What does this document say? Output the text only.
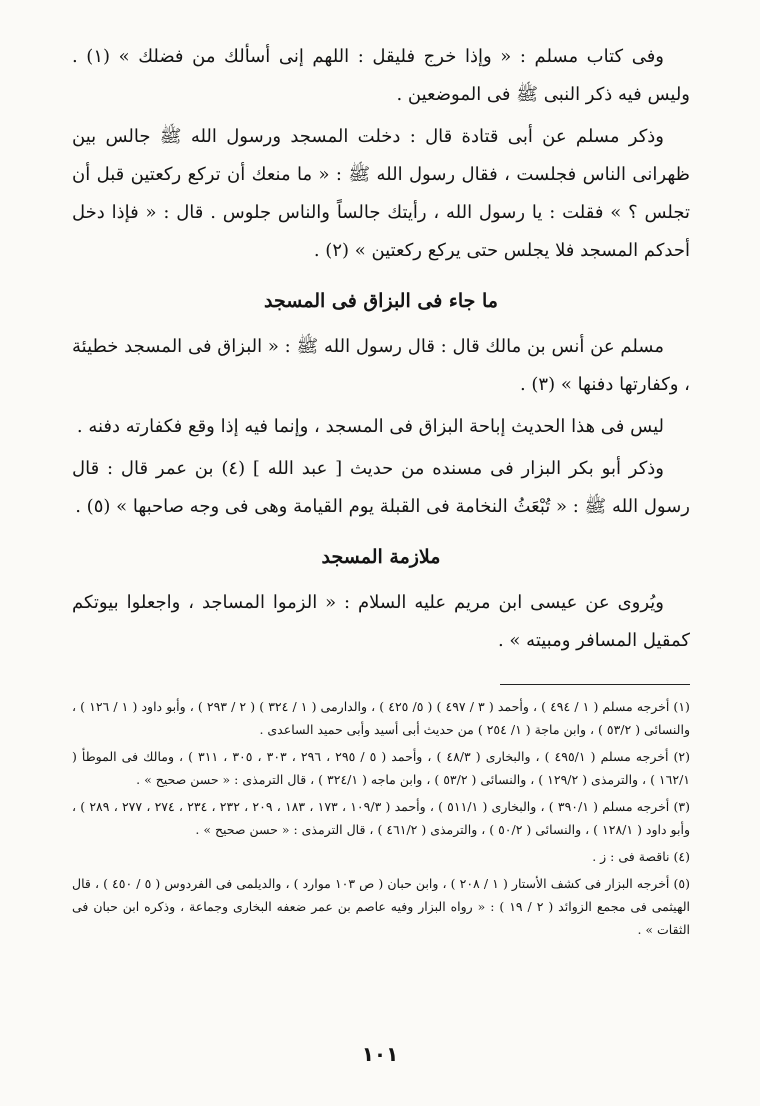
وفى كتاب مسلم : « وإذا خرج فليقل : اللهم إنى أسألك من فضلك » (١) . وليس فيه ذكر النبى ﷺ فى الموضعين .

وذكر مسلم عن أبى قتادة قال : دخلت المسجد ورسول الله ﷺ جالس بين ظهرانى الناس فجلست ، فقال رسول الله ﷺ : « ما منعك أن تركع ركعتين قبل أن تجلس ؟ » فقلت : يا رسول الله ، رأيتك جالساً والناس جلوس . قال : « فإذا دخل أحدكم المسجد فلا يجلس حتى يركع ركعتين » (٢) .

ما جاء فى البزاق فى المسجد

مسلم عن أنس بن مالك قال : قال رسول الله ﷺ : « البزاق فى المسجد خطيئة ، وكفارتها دفنها » (٣) .

ليس فى هذا الحديث إباحة البزاق فى المسجد ، وإنما فيه إذا وقع فكفارته دفنه .

وذكر أبو بكر البزار فى مسنده من حديث [ عبد الله ] (٤) بن عمر قال : قال رسول الله ﷺ : « تُبْعَثُ النخامة فى القبلة يوم القيامة وهى فى وجه صاحبها » (٥) .

ملازمة المسجد

ويُروى عن عيسى ابن مريم عليه السلام : « الزموا المساجد ، واجعلوا بيوتكم كمقيل المسافر ومبيته » .

(١) أخرجه مسلم ( ١ / ٤٩٤ ) ، وأحمد ( ٣ / ٤٩٧ ) ( ٥/ ٤٢٥ ) ، والدارمى ( ١ / ٣٢٤ ) ( ٢ / ٢٩٣ ) ، وأبو داود ( ١ / ١٢٦ ) ، والنسائى ( ٥٣/٢ ) ، وابن ماجة ( ١/ ٢٥٤ ) من حديث أبى أسيد وأبى حميد الساعدى .

(٢) أخرجه مسلم ( ٤٩٥/١ ) ، والبخارى ( ٤٨/٣ ) ، وأحمد ( ٥ / ٢٩٥ ، ٢٩٦ ، ٣٠٣ ، ٣٠٥ ، ٣١١ ) ، ومالك فى الموطأ ( ١٦٢/١ ) ، والترمذى ( ١٢٩/٢ ) ، والنسائى ( ٥٣/٢ ) ، وابن ماجه ( ٣٢٤/١ ) ، قال الترمذى : « حسن صحيح » .

(٣) أخرجه مسلم ( ٣٩٠/١ ) ، والبخارى ( ٥١١/١ ) ، وأحمد ( ١٠٩/٣ ، ١٧٣ ، ١٨٣ ، ٢٠٩ ، ٢٣٢ ، ٢٣٤ ، ٢٧٤ ، ٢٧٧ ، ٢٨٩ ) ، وأبو داود ( ١٢٨/١ ) ، والنسائى ( ٥٠/٢ ) ، والترمذى ( ٤٦١/٢ ) ، قال الترمذى : « حسن صحيح » .

(٤) ناقصة فى : ز .

(٥) أخرجه البزار فى كشف الأستار ( ١ / ٢٠٨ ) ، وابن حبان ( ص ١٠٣ موارد ) ، والديلمى فى الفردوس ( ٥ / ٤٥٠ ) ، قال الهيثمى فى مجمع الزوائد ( ٢ / ١٩ ) : « رواه البزار وفيه عاصم بن عمر ضعفه البخارى وجماعة ، وذكره ابن حبان فى الثقات » .

١٠١
